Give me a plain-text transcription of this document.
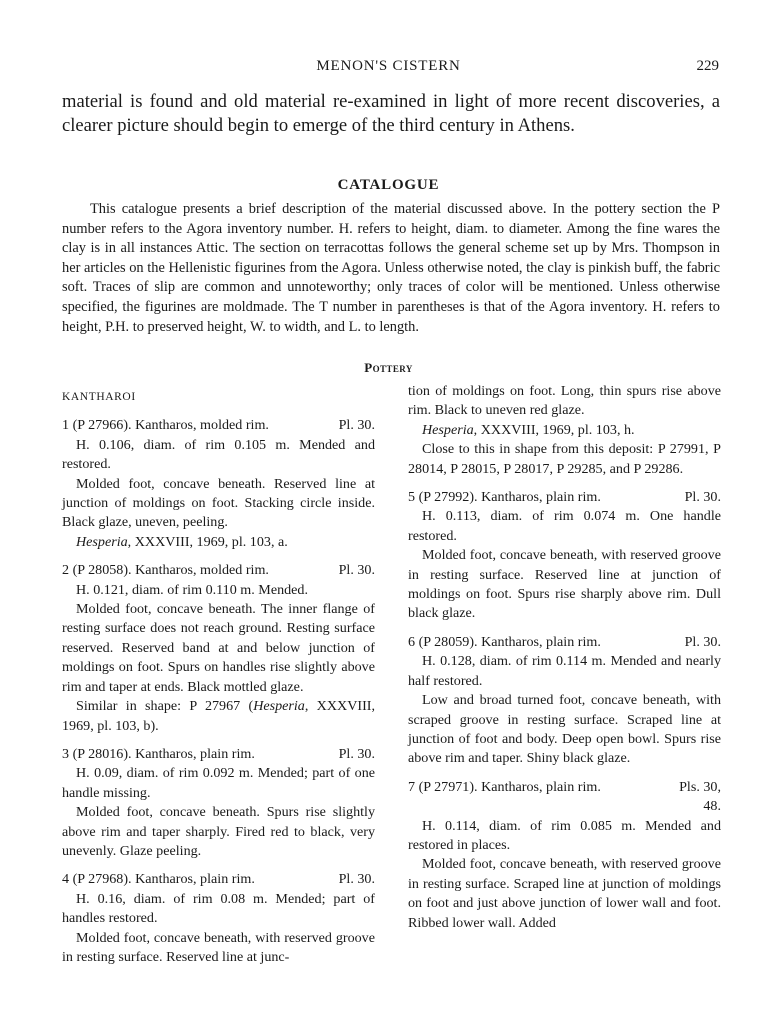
MENON'S CISTERN	229

material is found and old material re-examined in light of more recent discoveries, a clearer picture should begin to emerge of the third century in Athens.

CATALOGUE

This catalogue presents a brief description of the material discussed above. In the pottery section the P number refers to the Agora inventory number. H. refers to height, diam. to diameter. Among the fine wares the clay is in all instances Attic. The section on terracottas follows the general scheme set up by Mrs. Thompson in her articles on the Hellenistic figurines from the Agora. Unless otherwise noted, the clay is pinkish buff, the fabric soft. Traces of slip are common and unnoteworthy; only traces of color will be mentioned. Unless otherwise specified, the figurines are moldmade. The T number in parentheses is that of the Agora inventory. H. refers to height, P.H. to preserved height, W. to width, and L. to length.

Pottery

KANTHAROI

1 (P 27966). Kantharos, molded rim.	Pl. 30.

H. 0.106, diam. of rim 0.105 m. Mended and restored.

Molded foot, concave beneath. Reserved line at junction of moldings on foot. Stacking circle inside. Black glaze, uneven, peeling.

Hesperia, XXXVIII, 1969, pl. 103, a.

2 (P 28058). Kantharos, molded rim.	Pl. 30.

H. 0.121, diam. of rim 0.110 m. Mended.

Molded foot, concave beneath. The inner flange of resting surface does not reach ground. Resting surface reserved. Reserved band at and below junction of moldings on foot. Spurs on handles rise slightly above rim and taper at ends. Black mottled glaze.

Similar in shape: P 27967 (Hesperia, XXXVIII, 1969, pl. 103, b).

3 (P 28016). Kantharos, plain rim.	Pl. 30.

H. 0.09, diam. of rim 0.092 m. Mended; part of one handle missing.

Molded foot, concave beneath. Spurs rise slightly above rim and taper sharply. Fired red to black, very unevenly. Glaze peeling.

4 (P 27968). Kantharos, plain rim.	Pl. 30.

H. 0.16, diam. of rim 0.08 m. Mended; part of handles restored.

Molded foot, concave beneath, with reserved groove in resting surface. Reserved line at junc-

tion of moldings on foot. Long, thin spurs rise above rim. Black to uneven red glaze.

Hesperia, XXXVIII, 1969, pl. 103, h.

Close to this in shape from this deposit: P 27991, P 28014, P 28015, P 28017, P 29285, and P 29286.

5 (P 27992). Kantharos, plain rim.	Pl. 30.

H. 0.113, diam. of rim 0.074 m. One handle restored.

Molded foot, concave beneath, with reserved groove in resting surface. Reserved line at junction of moldings on foot. Spurs rise sharply above rim. Dull black glaze.

6 (P 28059). Kantharos, plain rim.	Pl. 30.

H. 0.128, diam. of rim 0.114 m. Mended and nearly half restored.

Low and broad turned foot, concave beneath, with scraped groove in resting surface. Scraped line at junction of foot and body. Deep open bowl. Spurs rise above rim and taper. Shiny black glaze.

Pls. 30, 48.
7 (P 27971). Kantharos, plain rim.

H. 0.114, diam. of rim 0.085 m. Mended and restored in places.

Molded foot, concave beneath, with reserved groove in resting surface. Scraped line at junction of moldings on foot and just above junction of lower wall and foot. Ribbed lower wall. Added
